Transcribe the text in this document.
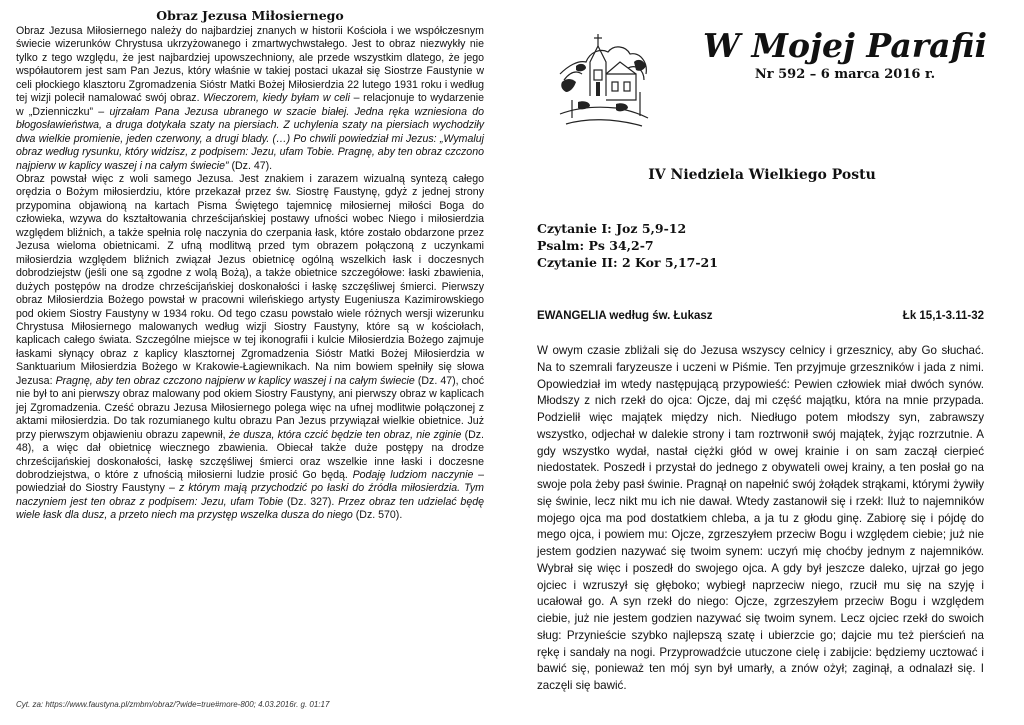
Obraz Jezusa Miłosiernego

Obraz Jezusa Miłosiernego należy do najbardziej znanych w historii Kościoła i we współczesnym świecie wizerunków Chrystusa ukrzyżowanego i zmartwychwstałego. Jest to obraz niezwykły nie tylko z tego względu, że jest najbardziej upowszechniony, ale przede wszystkim dlatego, że jego współautorem jest sam Pan Jezus, który właśnie w takiej postaci ukazał się Siostrze Faustynie w celi płockiego klasztoru Zgromadzenia Sióstr Matki Bożej Miłosierdzia 22 lutego 1931 roku i według tej wizji polecił namalować swój obraz. Wieczorem, kiedy byłam w celi – relacjonuje to wydarzenie w „Dzienniczku” – ujrzałam Pana Jezusa ubranego w szacie białej. Jedna ręka wzniesiona do błogosławieństwa, a druga dotykała szaty na piersiach. Z uchylenia szaty na piersiach wychodziły dwa wielkie promienie, jeden czerwony, a drugi blady. (…) Po chwili powiedział mi Jezus: „Wymaluj obraz według rysunku, który widzisz, z podpisem: Jezu, ufam Tobie. Pragnę, aby ten obraz czczono najpierw w kaplicy waszej i na całym świecie” (Dz. 47).

Obraz powstał więc z woli samego Jezusa. Jest znakiem i zarazem wizualną syntezą całego orędzia o Bożym miłosierdziu, które przekazał przez św. Siostrę Faustynę, gdyż z jednej strony przypomina objawioną na kartach Pisma Świętego tajemnicę miłosiernej miłości Boga do człowieka, wzywa do kształtowania chrześcijańskiej postawy ufności wobec Niego i miłosierdzia względem bliźnich, a także spełnia rolę naczynia do czerpania łask, które zostało obdarzone przez Jezusa wieloma obietnicami. Z ufną modlitwą przed tym obrazem połączoną z uczynkami miłosierdzia względem bliźnich związał Jezus obietnicę ogólną wszelkich łask i doczesnych dobrodziejstw (jeśli one są zgodne z wolą Bożą), a także obietnice szczegółowe: łaski zbawienia, dużych postępów na drodze chrześcijańskiej doskonałości i łaskę szczęśliwej śmierci. Pierwszy obraz Miłosierdzia Bożego powstał w pracowni wileńskiego artysty Eugeniusza Kazimirowskiego pod okiem Siostry Faustyny w 1934 roku. Od tego czasu powstało wiele różnych wersji wizerunku Chrystusa Miłosiernego malowanych według wizji Siostry Faustyny, które są w kościołach, kaplicach całego świata. Szczególne miejsce w tej ikonografii i kulcie Miłosierdzia Bożego zajmuje łaskami słynący obraz z kaplicy klasztornej Zgromadzenia Sióstr Matki Bożej Miłosierdzia w Sanktuarium Miłosierdzia Bożego w Krakowie-Łagiewnikach. Na nim bowiem spełniły się słowa Jezusa: Pragnę, aby ten obraz czczono najpierw w kaplicy waszej i na całym świecie (Dz. 47), choć nie był to ani pierwszy obraz malowany pod okiem Siostry Faustyny, ani pierwszy obraz w kaplicach jej Zgromadzenia. Cześć obrazu Jezusa Miłosiernego polega więc na ufnej modlitwie połączonej z aktami miłosierdzia. Do tak rozumianego kultu obrazu Pan Jezus przywiązał wielkie obietnice. Już przy pierwszym objawieniu obrazu zapewnił, że dusza, która czcić będzie ten obraz, nie zginie (Dz. 48), a więc dał obietnicę wiecznego zbawienia. Obiecał także duże postępy na drodze chrześcijańskiej doskonałości, łaskę szczęśliwej śmierci oraz wszelkie inne łaski i doczesne dobrodziejstwa, o które z ufnością miłosierni ludzie prosić Go będą. Podaję ludziom naczynie – powiedział do Siostry Faustyny – z którym mają przychodzić po łaski do źródła miłosierdzia. Tym naczyniem jest ten obraz z podpisem: Jezu, ufam Tobie (Dz. 327). Przez obraz ten udzielać będę wiele łask dla dusz, a przeto niech ma przystęp wszelka dusza do niego (Dz. 570).

Cyt. za: https://www.faustyna.pl/zmbm/obraz/?wide=true#more-800; 4.03.2016r. g. 01:17
W Mojej Parafii
Nr 592 – 6 marca 2016 r.
IV Niedziela Wielkiego Postu
Czytanie I: Joz 5,9-12
Psalm: Ps 34,2-7
Czytanie II: 2 Kor 5,17-21
EWANGELIA według św. Łukasz	Łk 15,1-3.11-32

W owym czasie zbliżali się do Jezusa wszyscy celnicy i grzesznicy, aby Go słuchać. Na to szemrali faryzeusze i uczeni w Piśmie. Ten przyjmuje grzeszników i jada z nimi. Opowiedział im wtedy następującą przypowieść: Pewien człowiek miał dwóch synów. Młodszy z nich rzekł do ojca: Ojcze, daj mi część majątku, która na mnie przypada. Podzielił więc majątek między nich. Niedługo potem młodszy syn, zabrawszy wszystko, odjechał w dalekie strony i tam roztrwonił swój majątek, żyjąc rozrzutnie. A gdy wszystko wydał, nastał ciężki głód w owej krainie i on sam zaczął cierpieć niedostatek. Poszedł i przystał do jednego z obywateli owej krainy, a ten posłał go na swoje pola żeby pasł świnie. Pragnął on napełnić swój żołądek strąkami, którymi żywiły się świnie, lecz nikt mu ich nie dawał. Wtedy zastanowił się i rzekł: Iluż to najemników mojego ojca ma pod dostatkiem chleba, a ja tu z głodu ginę. Zabiorę się i pójdę do mego ojca, i powiem mu: Ojcze, zgrzeszyłem przeciw Bogu i względem ciebie; już nie jestem godzien nazywać się twoim synem: uczyń mię choćby jednym z najemników. Wybrał się więc i poszedł do swojego ojca. A gdy był jeszcze daleko, ujrzał go jego ojciec i wzruszył się głęboko; wybiegł naprzeciw niego, rzucił mu się na szyję i ucałował go. A syn rzekł do niego: Ojcze, zgrzeszyłem przeciw Bogu i względem ciebie, już nie jestem godzien nazywać się twoim synem. Lecz ojciec rzekł do swoich sług: Przynieście szybko najlepszą szatę i ubierzcie go; dajcie mu też pierścień na rękę i sandały na nogi. Przyprowadźcie utuczone cielę i zabijcie: będziemy ucztować i bawić się, ponieważ ten mój syn był umarły, a znów ożył; zaginął, a odnalazł się. I zaczęli się bawić.
